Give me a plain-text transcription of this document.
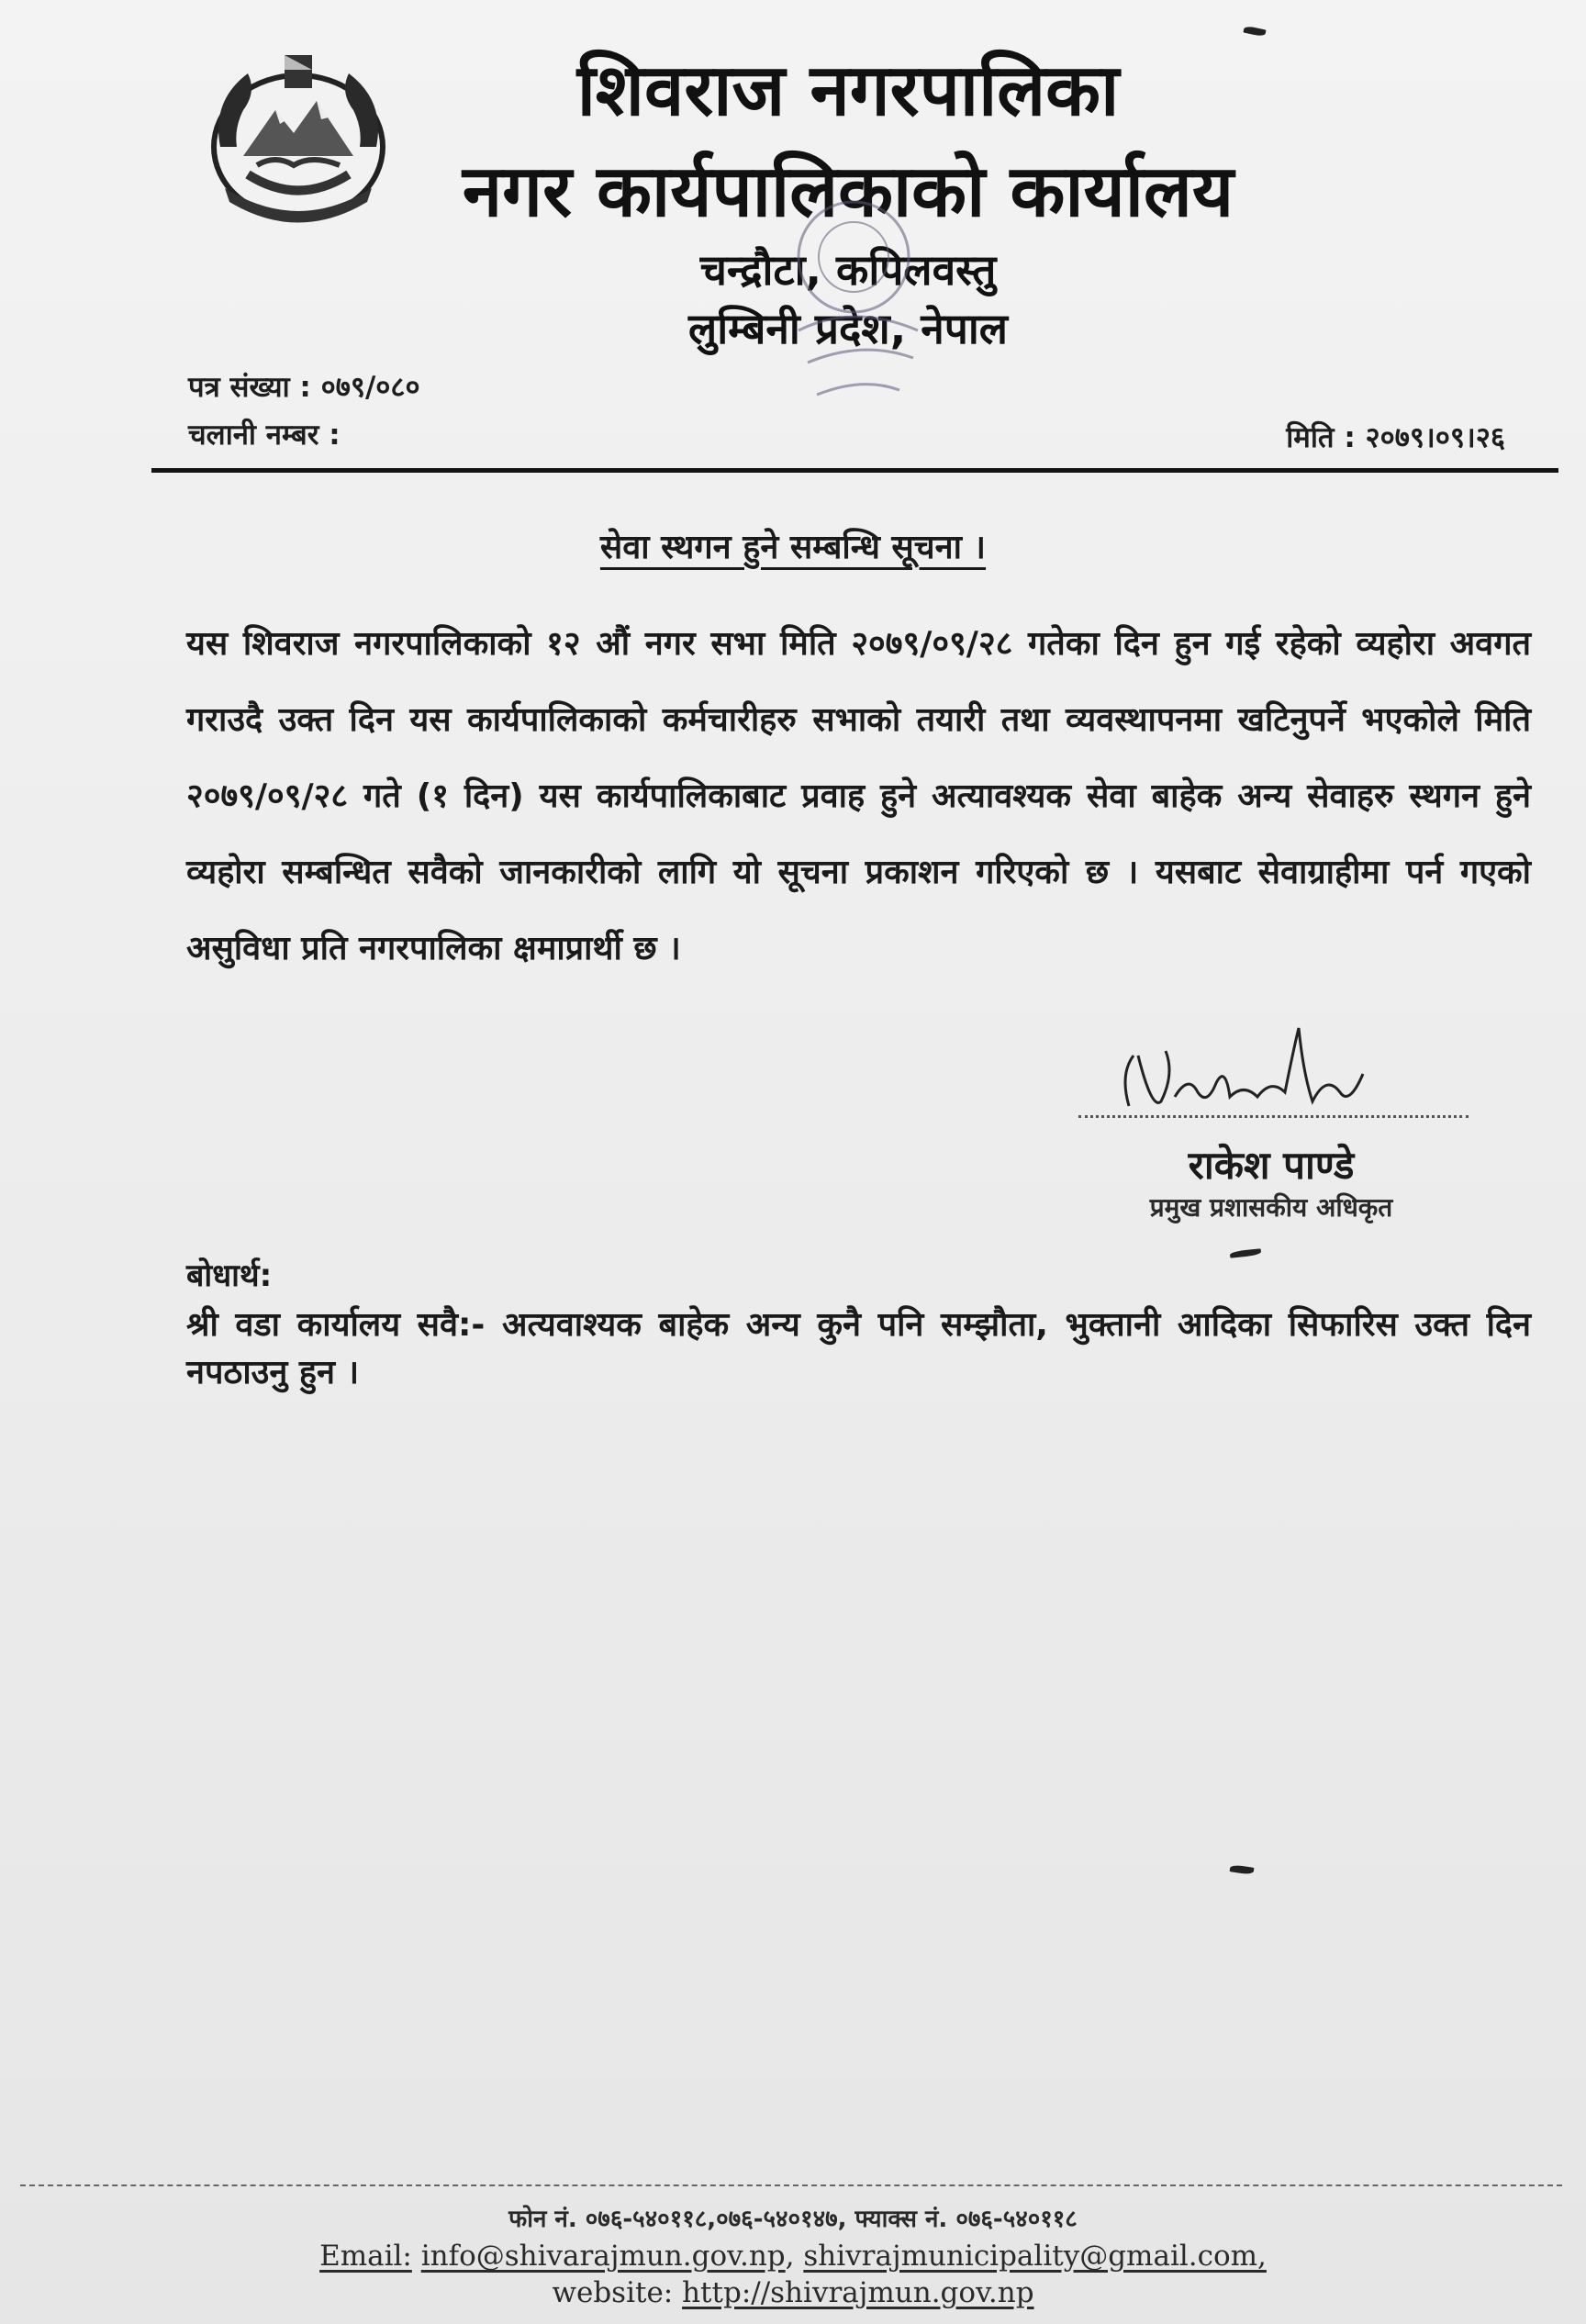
शिवराज नगरपालिका
नगर कार्यपालिकाको कार्यालय
चन्द्रौटा, कपिलवस्तु
लुम्बिनी प्रदेश, नेपाल
पत्र संख्या : ०७९/०८०
चलानी नम्बर :	मिति : २०७९।०९।२६
सेवा स्थगन हुने सम्बन्धि सूचना ।
यस शिवराज नगरपालिकाको १२ औं नगर सभा मिति २०७९/०९/२८ गतेका दिन हुन गई रहेको व्यहोरा अवगत गराउदै उक्त दिन यस कार्यपालिकाको कर्मचारीहरु सभाको तयारी तथा व्यवस्थापनमा खटिनुपर्ने भएकोले मिति २०७९/०९/२८ गते (१ दिन) यस कार्यपालिकाबाट प्रवाह हुने अत्यावश्यक सेवा बाहेक अन्य सेवाहरु स्थगन हुने व्यहोरा सम्बन्धित सवैको जानकारीको लागि यो सूचना प्रकाशन गरिएको छ । यसबाट सेवाग्राहीमा पर्न गएको असुविधा प्रति नगरपालिका क्षमाप्रार्थी छ ।
राकेश पाण्डे
प्रमुख प्रशासकीय अधिकृत
बोधार्थ:
श्री वडा कार्यालय सवै:- अत्यवाश्यक बाहेक अन्य कुनै पनि सम्झौता, भुक्तानी आदिका सिफारिस उक्त दिन नपठाउनु हुन ।
फोन नं. ०७६-५४०११८,०७६-५४०१४७, फ्याक्स नं. ०७६-५४०११८
Email: info@shivarajmun.gov.np, shivrajmunicipality@gmail.com,
website: http://shivrajmun.gov.np
